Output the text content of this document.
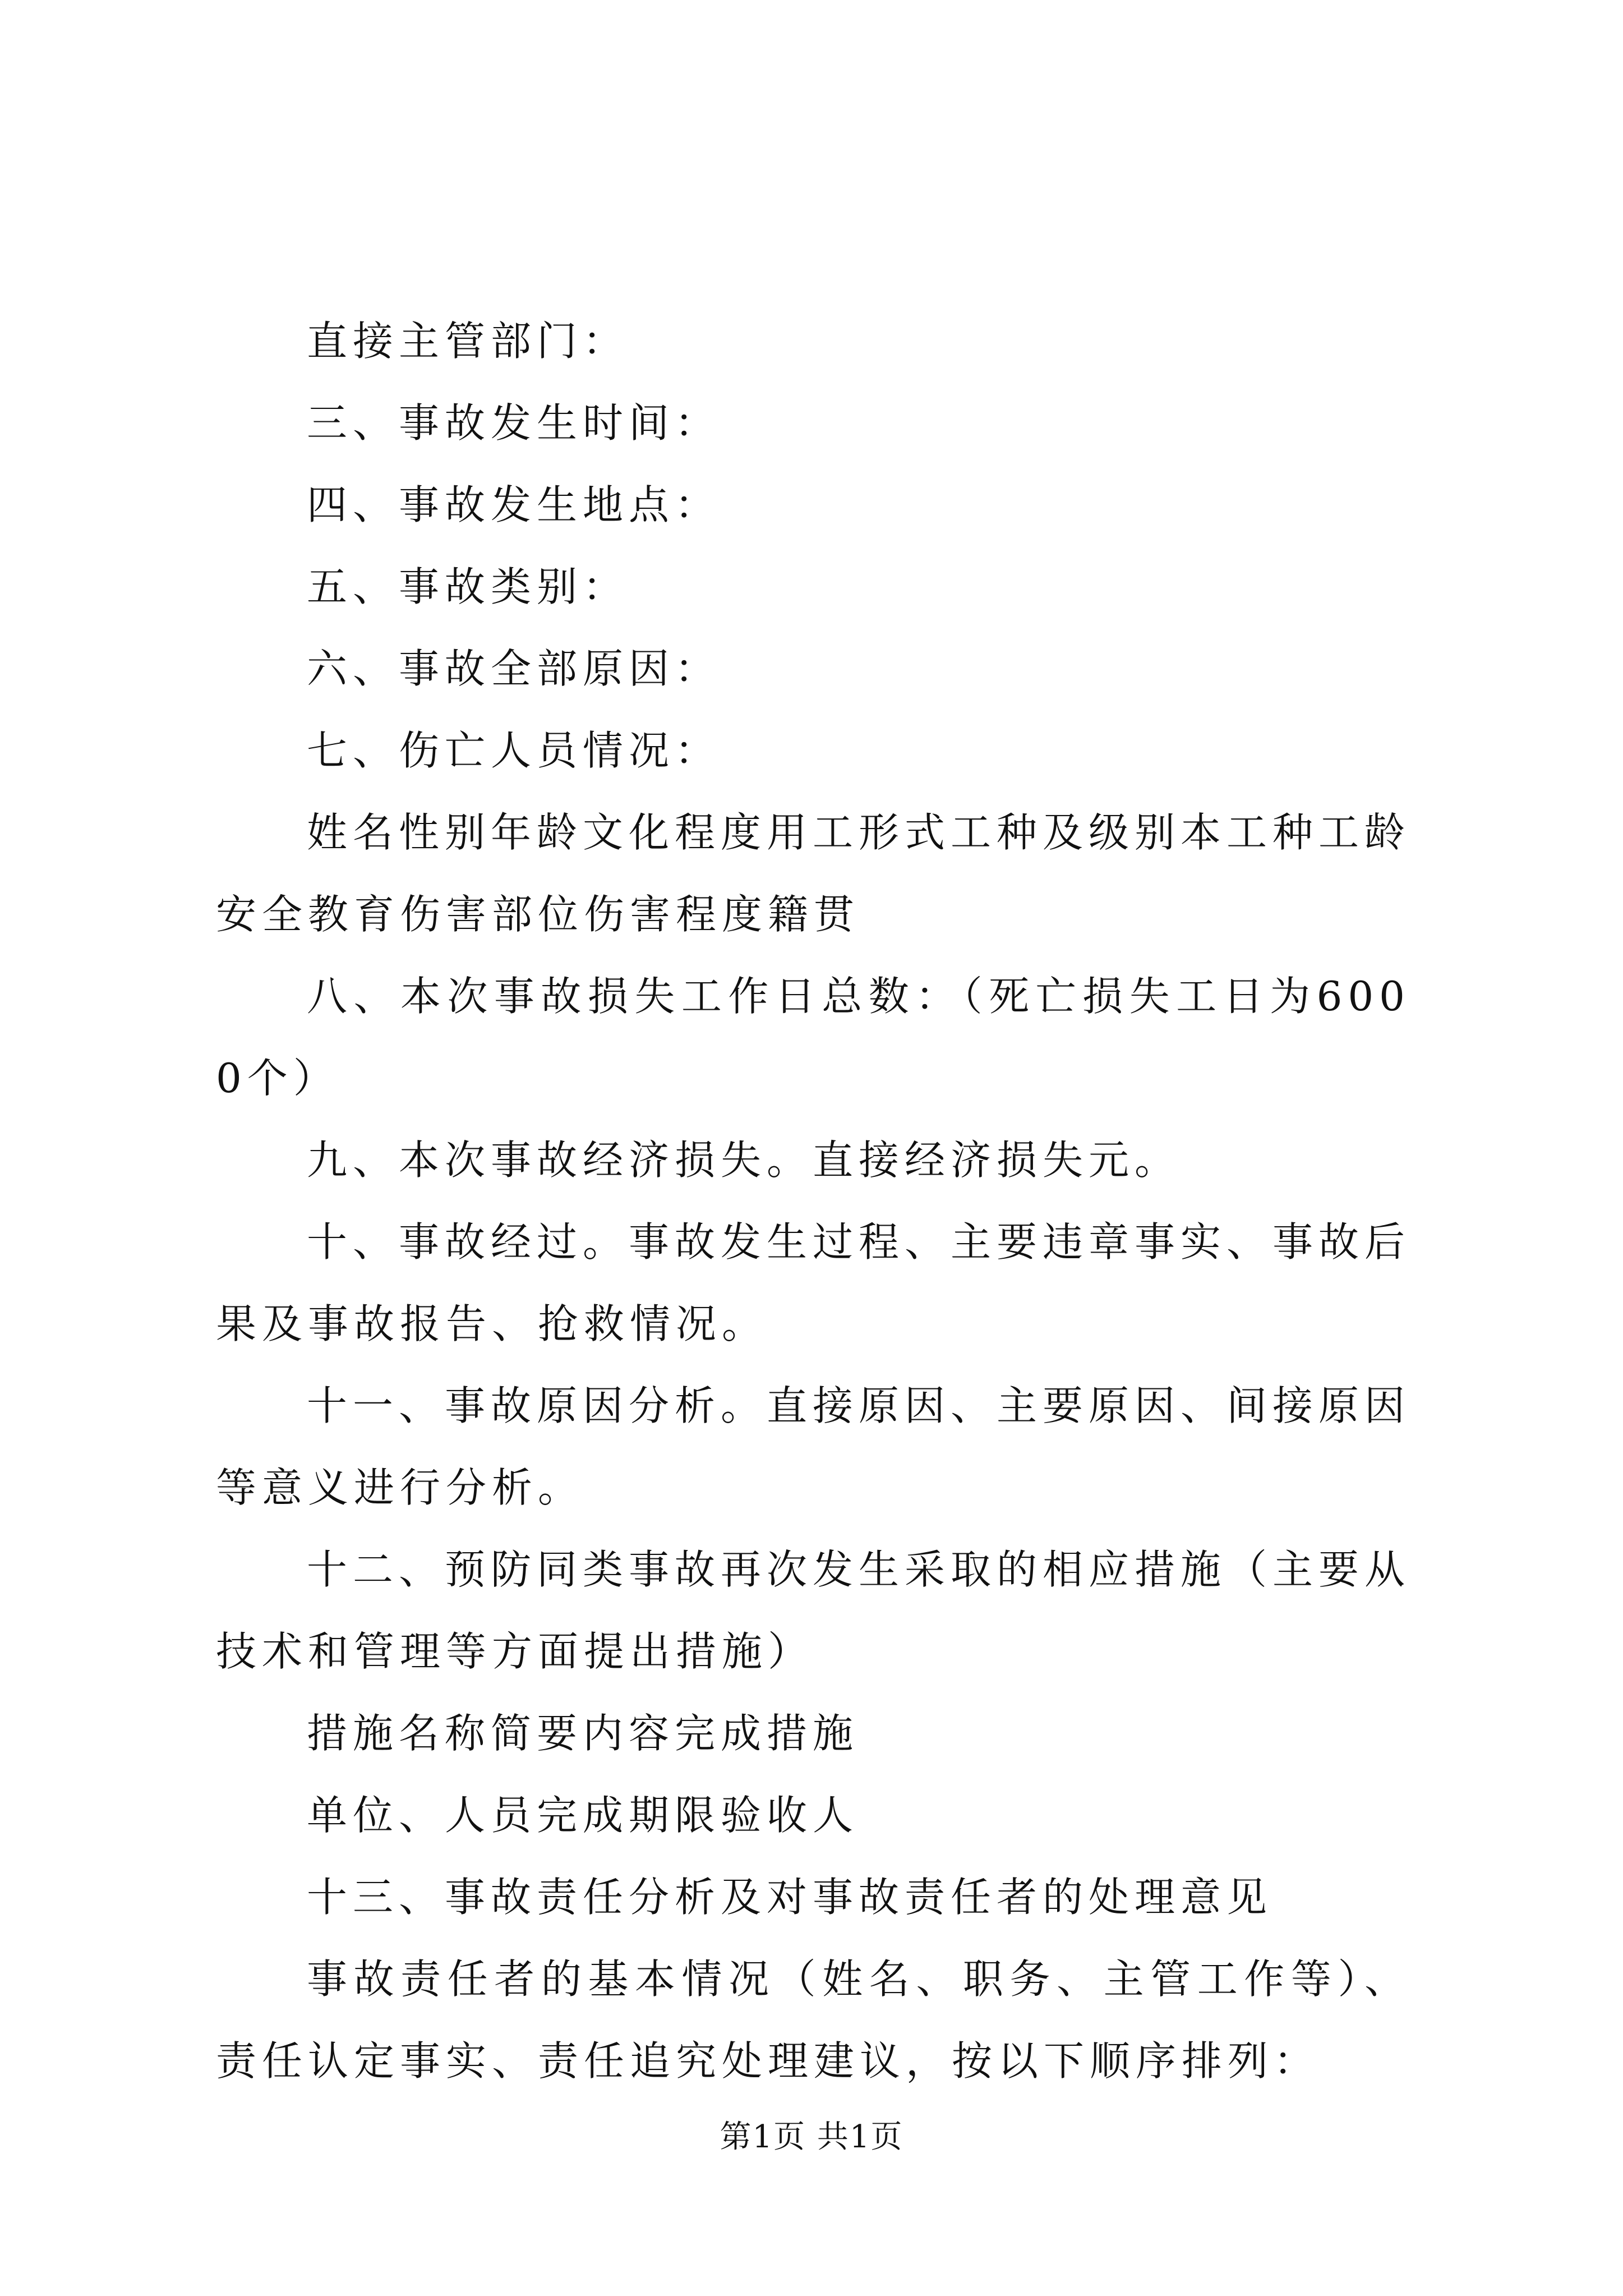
直接主管部门：

三、事故发生时间：

四、事故发生地点：

五、事故类别：

六、事故全部原因：

七、伤亡人员情况：

姓名性别年龄文化程度用工形式工种及级别本工种工龄安全教育伤害部位伤害程度籍贯

八、本次事故损失工作日总数：（死亡损失工日为6000个）

九、本次事故经济损失。直接经济损失元。

十、事故经过。事故发生过程、主要违章事实、事故后果及事故报告、抢救情况。

十一、事故原因分析。直接原因、主要原因、间接原因等意义进行分析。

十二、预防同类事故再次发生采取的相应措施（主要从技术和管理等方面提出措施）

措施名称简要内容完成措施

单位、人员完成期限验收人

十三、事故责任分析及对事故责任者的处理意见

事故责任者的基本情况（姓名、职务、主管工作等）、责任认定事实、责任追究处理建议，按以下顺序排列：

第1页 共1页
